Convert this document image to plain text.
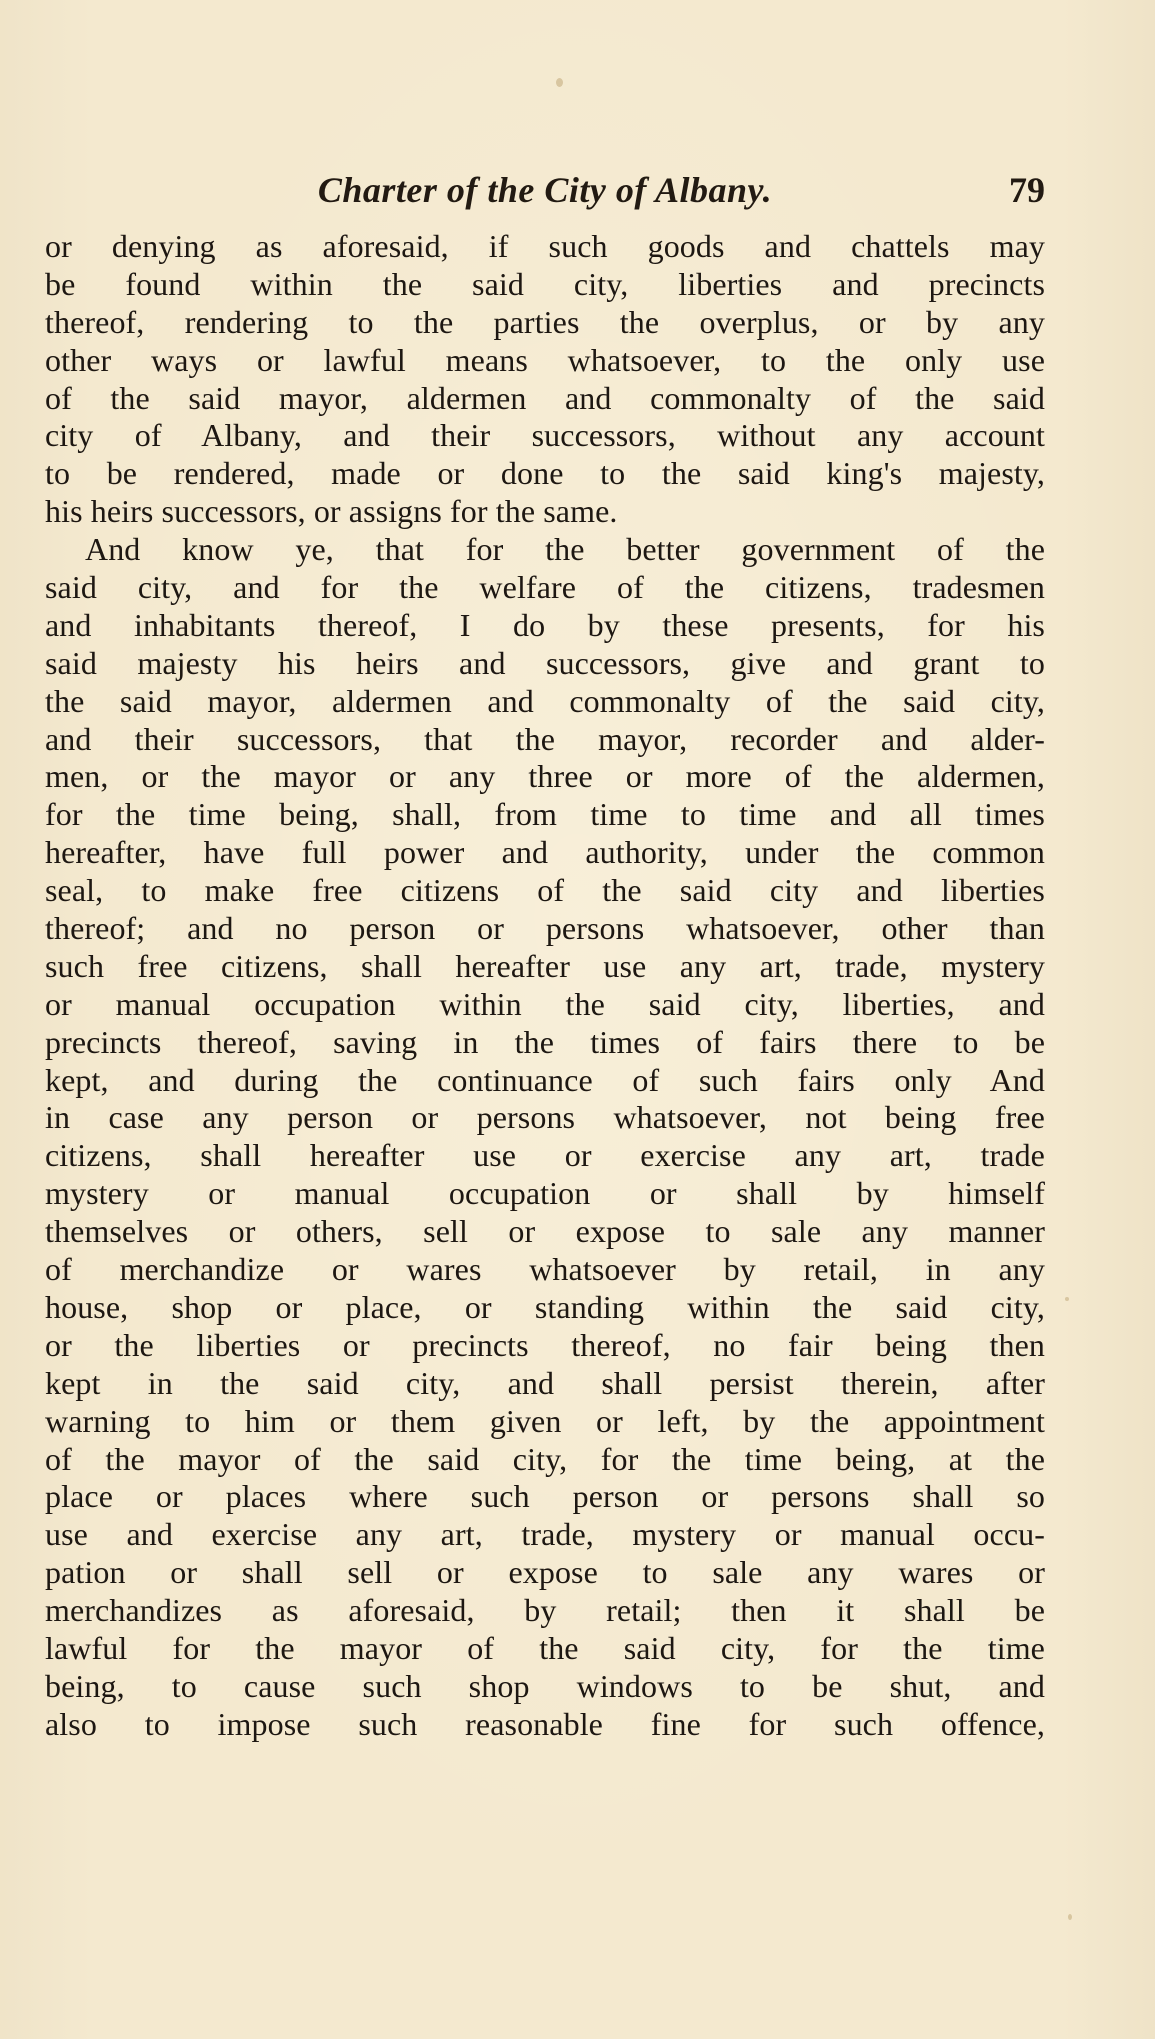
Charter of the City of Albany.	79
or denying as aforesaid, if such goods and chattels may
be found within the said city, liberties and precincts
thereof, rendering to the parties the overplus, or by any
other ways or lawful means whatsoever, to the only use
of the said mayor, aldermen and commonalty of the said
city of Albany, and their successors, without any account
to be rendered, made or done to the said king's majesty,
his heirs successors, or assigns for the same.
And know ye, that for the better government of the
said city, and for the welfare of the citizens, tradesmen
and inhabitants thereof, I do by these presents, for his
said majesty his heirs and successors, give and grant to
the said mayor, aldermen and commonalty of the said city,
and their successors, that the mayor, recorder and alder-
men, or the mayor or any three or more of the aldermen,
for the time being, shall, from time to time and all times
hereafter, have full power and authority, under the common
seal, to make free citizens of the said city and liberties
thereof; and no person or persons whatsoever, other than
such free citizens, shall hereafter use any art, trade, mystery
or manual occupation within the said city, liberties, and
precincts thereof, saving in the times of fairs there to be
kept, and during the continuance of such fairs only And
in case any person or persons whatsoever, not being free
citizens, shall hereafter use or exercise any art, trade
mystery or manual occupation or shall by himself
themselves or others, sell or expose to sale any manner
of merchandize or wares whatsoever by retail, in any
house, shop or place, or standing within the said city,
or the liberties or precincts thereof, no fair being then
kept in the said city, and shall persist therein, after
warning to him or them given or left, by the appointment
of the mayor of the said city, for the time being, at the
place or places where such person or persons shall so
use and exercise any art, trade, mystery or manual occu-
pation or shall sell or expose to sale any wares or
merchandizes as aforesaid, by retail; then it shall be
lawful for the mayor of the said city, for the time
being, to cause such shop windows to be shut, and
also to impose such reasonable fine for such offence,
